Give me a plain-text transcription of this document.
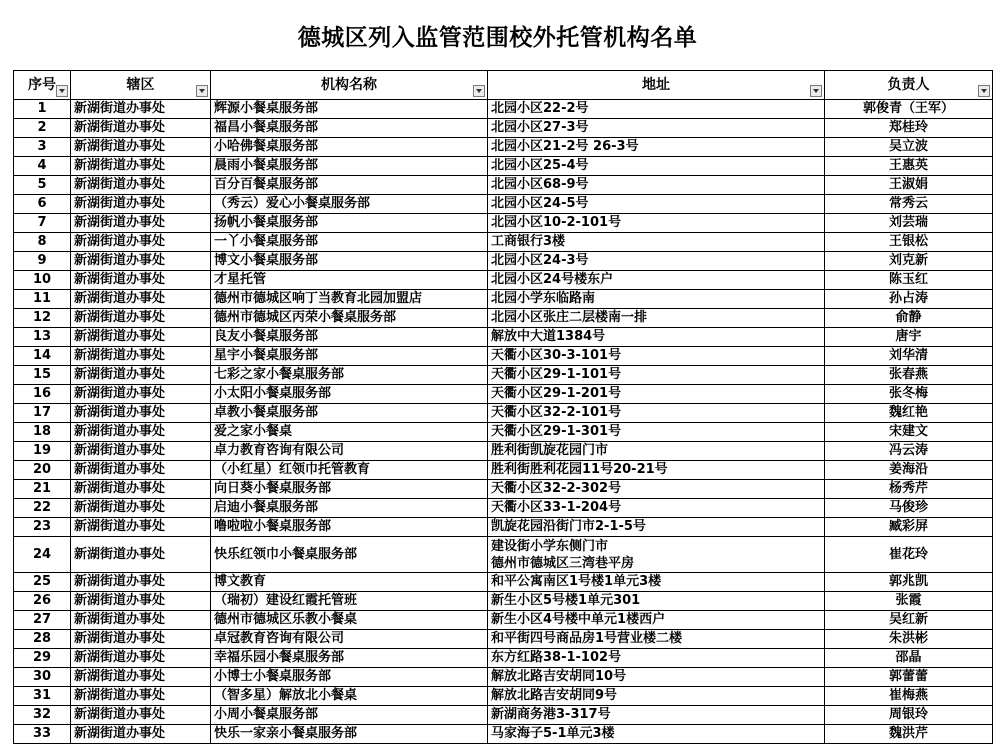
德城区列入监管范围校外托管机构名单
序号	辖区	机构名称	地址	负责人

1	新湖街道办事处	辉源小餐桌服务部	北园小区22-2号	郭俊青（王军）
2	新湖街道办事处	福昌小餐桌服务部	北园小区27-3号	郑桂玲
3	新湖街道办事处	小哈佛餐桌服务部	北园小区21-2号 26-3号	吴立波
4	新湖街道办事处	晨雨小餐桌服务部	北园小区25-4号	王惠英
5	新湖街道办事处	百分百餐桌服务部	北园小区68-9号	王淑娟
6	新湖街道办事处	（秀云）爱心小餐桌服务部	北园小区24-5号	常秀云
7	新湖街道办事处	扬帆小餐桌服务部	北园小区10-2-101号	刘芸瑞
8	新湖街道办事处	一丫小餐桌服务部	工商银行3楼	王银松
9	新湖街道办事处	博文小餐桌服务部	北园小区24-3号	刘克新
10	新湖街道办事处	才星托管	北园小区24号楼东户	陈玉红
11	新湖街道办事处	德州市德城区响丁当教育北园加盟店	北园小学东临路南	孙占涛
12	新湖街道办事处	德州市德城区丙荣小餐桌服务部	北园小区张庄二层楼南一排	俞静
13	新湖街道办事处	良友小餐桌服务部	解放中大道1384号	唐宇
14	新湖街道办事处	星宇小餐桌服务部	天衢小区30-3-101号	刘华清
15	新湖街道办事处	七彩之家小餐桌服务部	天衢小区29-1-101号	张春燕
16	新湖街道办事处	小太阳小餐桌服务部	天衢小区29-1-201号	张冬梅
17	新湖街道办事处	卓教小餐桌服务部	天衢小区32-2-101号	魏红艳
18	新湖街道办事处	爱之家小餐桌	天衢小区29-1-301号	宋建文
19	新湖街道办事处	卓力教育咨询有限公司	胜利街凯旋花园门市	冯云涛
20	新湖街道办事处	（小红星）红领巾托管教育	胜利街胜利花园11号20-21号	姜海沿
21	新湖街道办事处	向日葵小餐桌服务部	天衢小区32-2-302号	杨秀芹
22	新湖街道办事处	启迪小餐桌服务部	天衢小区33-1-204号	马俊珍
23	新湖街道办事处	噜啦啦小餐桌服务部	凯旋花园沿街门市2-1-5号	臧彩屏
24	新湖街道办事处	快乐红领巾小餐桌服务部	建设街小学东侧门市
德州市德城区三湾巷平房	崔花玲
25	新湖街道办事处	博文教育	和平公寓南区1号楼1单元3楼	郭兆凯
26	新湖街道办事处	（瑞初）建设红霞托管班	新生小区5号楼1单元301	张霞
27	新湖街道办事处	德州市德城区乐教小餐桌	新生小区4号楼中单元1楼西户	吴红新
28	新湖街道办事处	卓冠教育咨询有限公司	和平街四号商品房1号营业楼二楼	朱洪彬
29	新湖街道办事处	幸福乐园小餐桌服务部	东方红路38-1-102号	邵晶
30	新湖街道办事处	小博士小餐桌服务部	解放北路吉安胡同10号	郭蕾蕾
31	新湖街道办事处	（智多星）解放北小餐桌	解放北路吉安胡同9号	崔梅燕
32	新湖街道办事处	小周小餐桌服务部	新湖商务港3-317号	周银玲
33	新湖街道办事处	快乐一家亲小餐桌服务部	马家海子5-1单元3楼	魏洪芹
